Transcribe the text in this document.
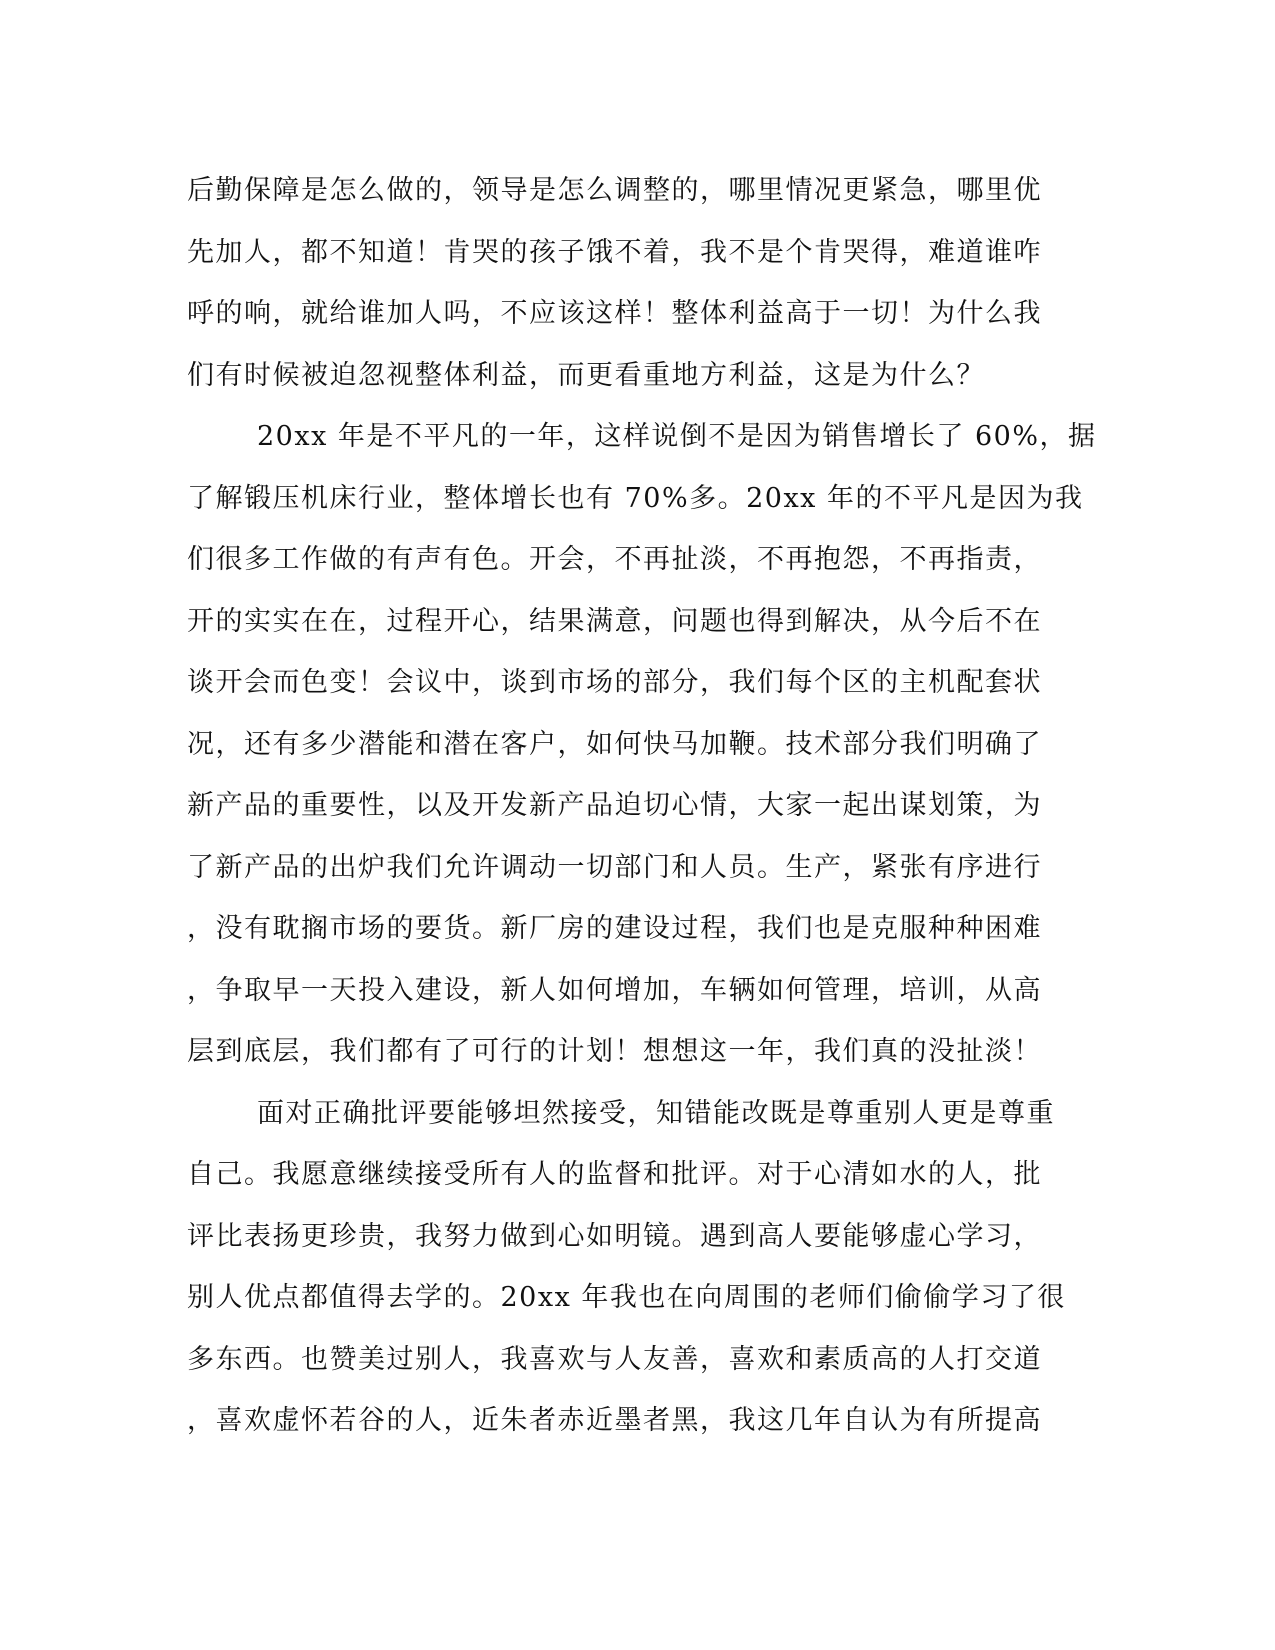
后勤保障是怎么做的，领导是怎么调整的，哪里情况更紧急，哪里优
先加人，都不知道！肯哭的孩子饿不着，我不是个肯哭得，难道谁咋
呼的响，就给谁加人吗，不应该这样！整体利益高于一切！为什么我
们有时候被迫忽视整体利益，而更看重地方利益，这是为什么？
20xx 年是不平凡的一年，这样说倒不是因为销售增长了 60%，据
了解锻压机床行业，整体增长也有 70%多。20xx 年的不平凡是因为我
们很多工作做的有声有色。开会，不再扯淡，不再抱怨，不再指责，
开的实实在在，过程开心，结果满意，问题也得到解决，从今后不在
谈开会而色变！会议中，谈到市场的部分，我们每个区的主机配套状
况，还有多少潜能和潜在客户，如何快马加鞭。技术部分我们明确了
新产品的重要性，以及开发新产品迫切心情，大家一起出谋划策，为
了新产品的出炉我们允许调动一切部门和人员。生产，紧张有序进行
，没有耽搁市场的要货。新厂房的建设过程，我们也是克服种种困难
，争取早一天投入建设，新人如何增加，车辆如何管理，培训，从高
层到底层，我们都有了可行的计划！想想这一年，我们真的没扯淡！
面对正确批评要能够坦然接受，知错能改既是尊重别人更是尊重
自己。我愿意继续接受所有人的监督和批评。对于心清如水的人，批
评比表扬更珍贵，我努力做到心如明镜。遇到高人要能够虚心学习，
别人优点都值得去学的。20xx 年我也在向周围的老师们偷偷学习了很
多东西。也赞美过别人，我喜欢与人友善，喜欢和素质高的人打交道
，喜欢虚怀若谷的人，近朱者赤近墨者黑，我这几年自认为有所提高
